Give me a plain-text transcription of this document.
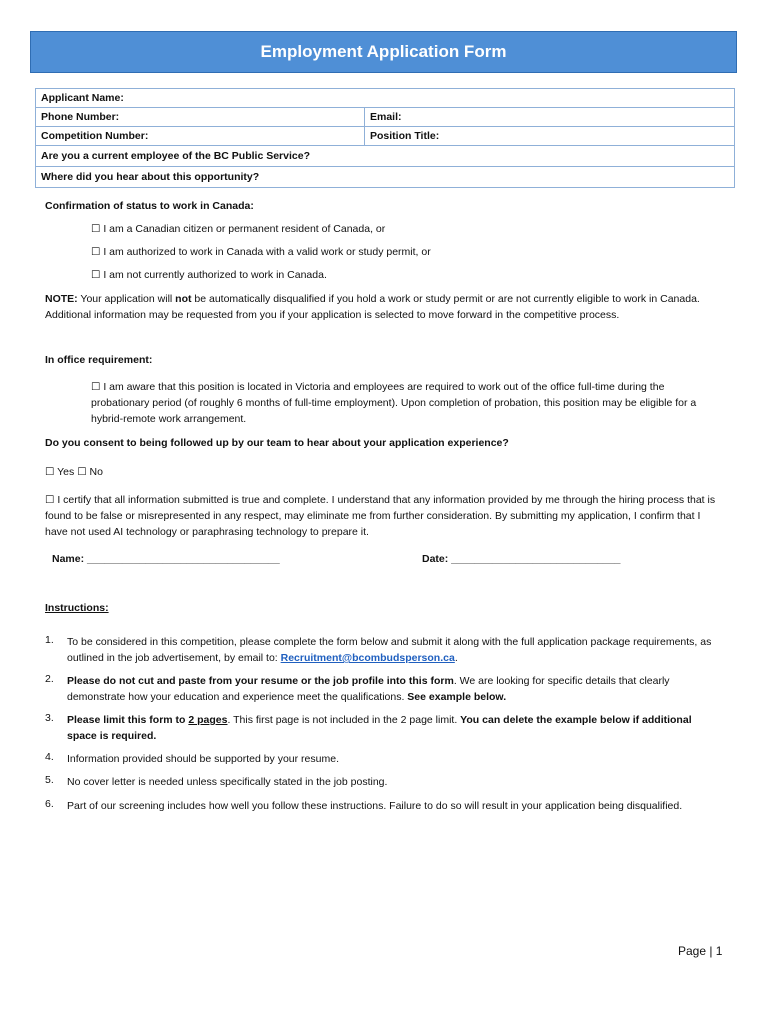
Employment Application Form
Applicant Name:	
Phone Number:	Email:
Competition Number:	Position Title:
Are you a current employee of the BC Public Service?	
Where did you hear about this opportunity?	
Confirmation of status to work in Canada:
☐ I am a Canadian citizen or permanent resident of Canada, or
☐ I am authorized to work in Canada with a valid work or study permit, or
☐ I am not currently authorized to work in Canada.
NOTE: Your application will not be automatically disqualified if you hold a work or study permit or are not currently eligible to work in Canada. Additional information may be requested from you if your application is selected to move forward in the competitive process.
In office requirement:
☐ I am aware that this position is located in Victoria and employees are required to work out of the office full-time during the probationary period (of roughly 6 months of full-time employment). Upon completion of probation, this position may be eligible for a hybrid-remote work arrangement.
Do you consent to being followed up by our team to hear about your application experience?
☐ Yes ☐ No
☐ I certify that all information submitted is true and complete. I understand that any information provided by me through the hiring process that is found to be false or misrepresented in any respect, may eliminate me from further consideration. By submitting my application, I confirm that I have not used AI technology or paraphrasing technology to prepare it.
Name: _________________________________	Date: _____________________________
Instructions:
1. To be considered in this competition, please complete the form below and submit it along with the full application package requirements, as outlined in the job advertisement, by email to: Recruitment@bcombudsperson.ca.
2. Please do not cut and paste from your resume or the job profile into this form. We are looking for specific details that clearly demonstrate how your education and experience meet the qualifications. See example below.
3. Please limit this form to 2 pages. This first page is not included in the 2 page limit. You can delete the example below if additional space is required.
4. Information provided should be supported by your resume.
5. No cover letter is needed unless specifically stated in the job posting.
6. Part of our screening includes how well you follow these instructions. Failure to do so will result in your application being disqualified.
Page | 1
